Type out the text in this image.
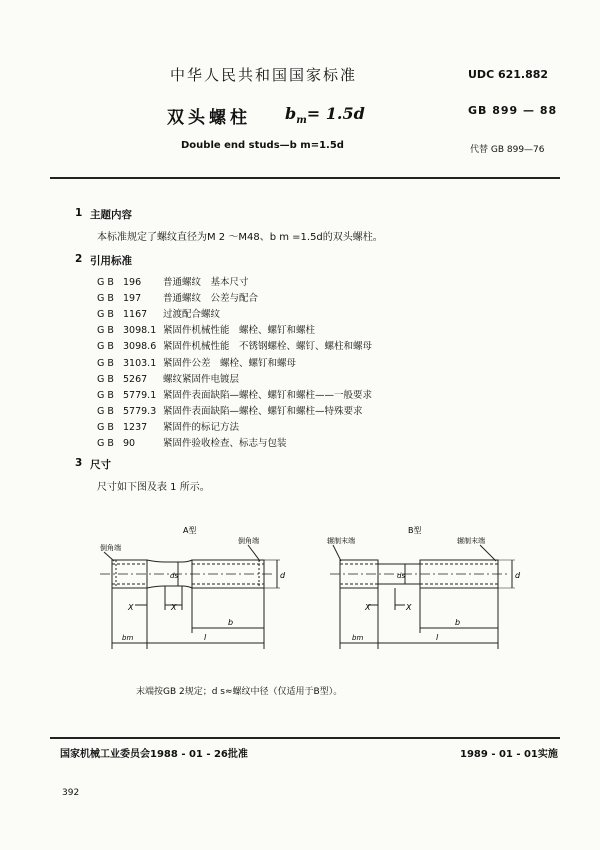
中华人民共和国国家标准	UDC 621.882
双头螺柱 $b_m= 1.5d$	GB 899 — 88
Double end studs—b m=1.5d	代替 GB 899—76
1 主题内容
本标准规定了螺纹直径为M 2 ～M48、b m =1.5d的双头螺柱。
2 引用标准
GB 196 普通螺纹　基本尺寸
GB 197 普通螺纹　公差与配合
GB 1167 过渡配合螺纹
GB 3098.1 紧固件机械性能　螺栓、螺钉和螺柱
GB 3098.6 紧固件机械性能　不锈钢螺栓、螺钉、螺柱和螺母
GB 3103.1 紧固件公差　螺栓、螺钉和螺母
GB 5267 螺纹紧固件电镀层
GB 5779.1 紧固件表面缺陷—螺栓、螺钉和螺柱——一般要求
GB 5779.3 紧固件表面缺陷—螺栓、螺钉和螺柱—特殊要求
GB 1237 紧固件的标记方法
GB 90	紧固件验收检查、标志与包装
3 尺寸
尺寸如下图及表 1 所示。
A型	B型
倒角端
倒角端	辗制末端	辗制末端
d
ds
X	X
b
bm	l
d
ds
X	X
b
bm	l
末端按GB 2规定；d s≈螺纹中径（仅适用于B型）。
国家机械工业委员会1988 - 01 - 26批准	1989 - 01 - 01实施
392
